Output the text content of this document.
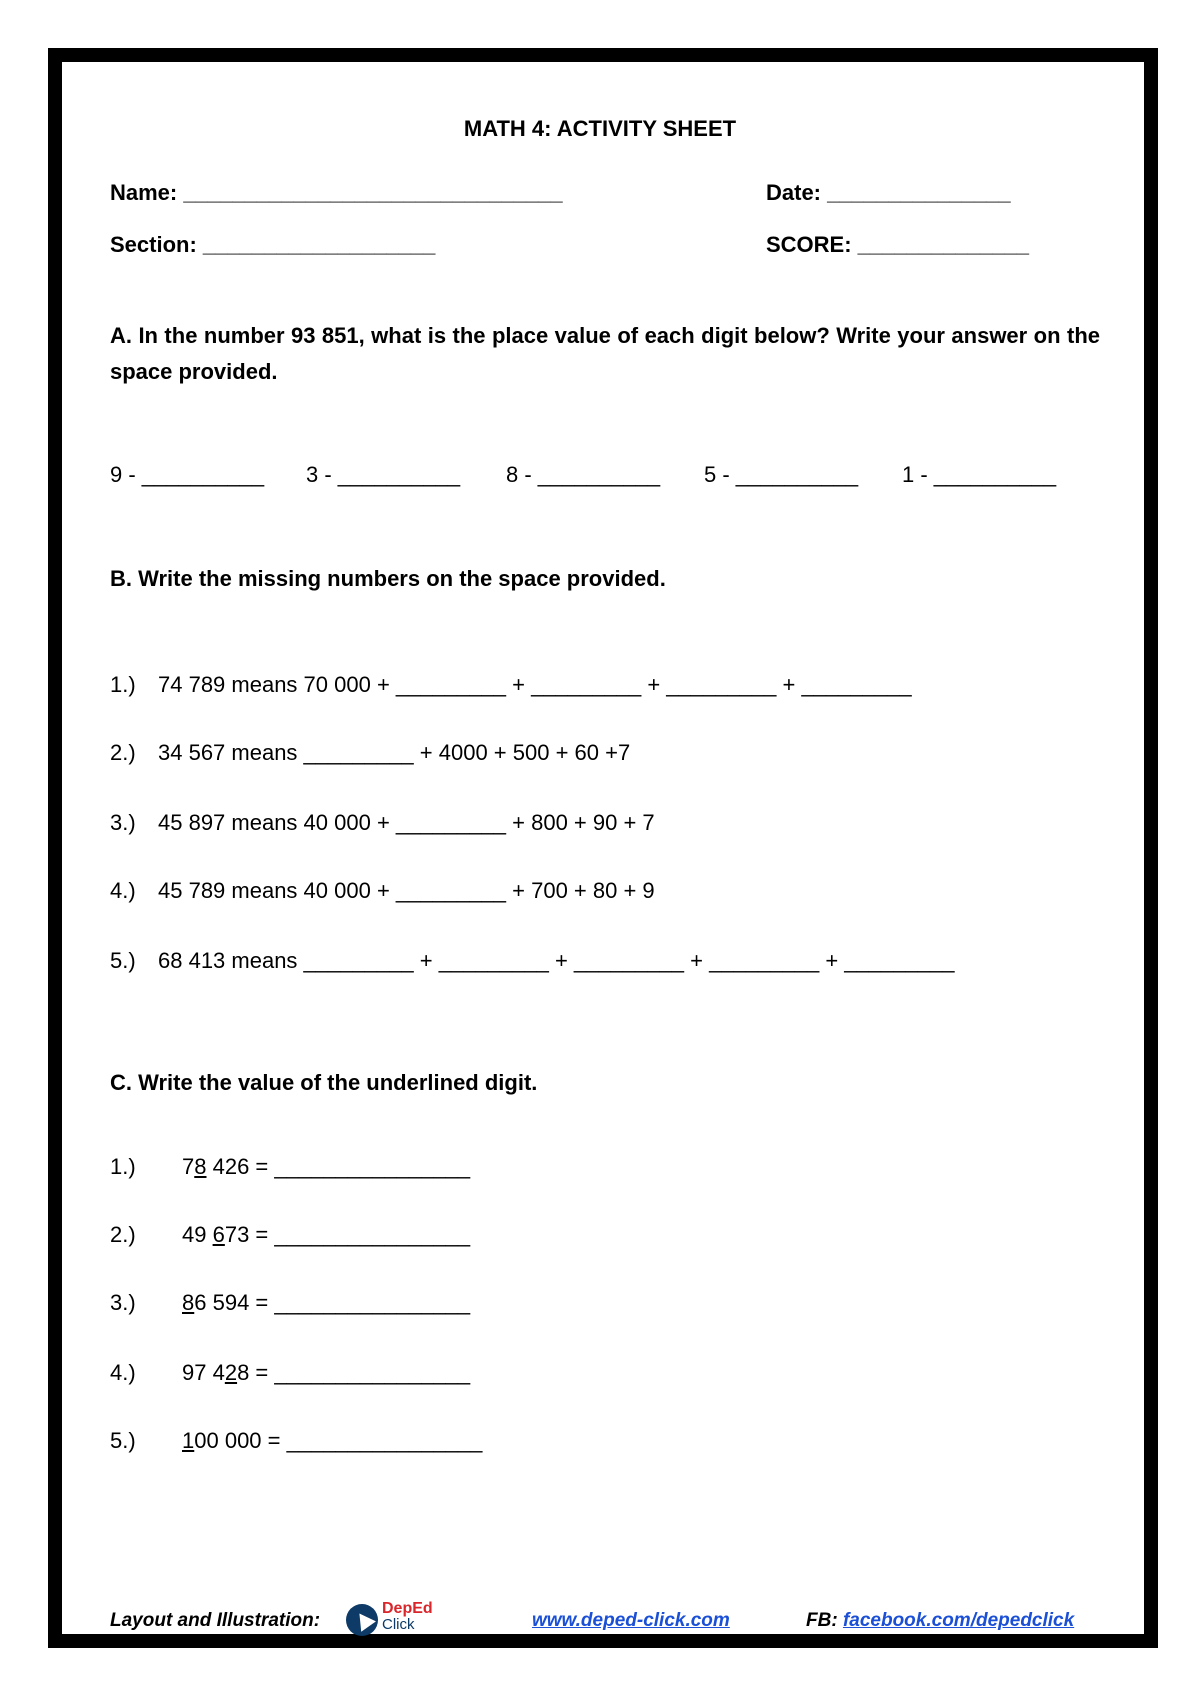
MATH 4: ACTIVITY SHEET
Name: _______________________________	Date: _______________
Section: ___________________	SCORE: ______________
A. In the number 93 851, what is the place value of each digit below? Write your answer on the space provided.
9 - __________ 3 - __________ 8 - __________ 5 - __________ 1 - __________
B. Write the missing numbers on the space provided.
1.) 74 789 means 70 000 + _________ + _________ + _________ + _________
2.) 34 567 means _________ + 4000 + 500 + 60 +7
3.) 45 897 means 40 000 + _________ + 800 + 90 + 7
4.) 45 789 means 40 000 + _________ + 700 + 80 + 9
5.) 68 413 means _________ + _________ + _________ + _________ + _________
C. Write the value of the underlined digit.
1.) 78 426 = ________________
2.) 49 673 = ________________
3.) 86 594 = ________________
4.) 97 428 = ________________
5.) 100 000 = ________________
Layout and Illustration:
DepEd
Click	www.deped-click.com	FB: facebook.com/depedclick
